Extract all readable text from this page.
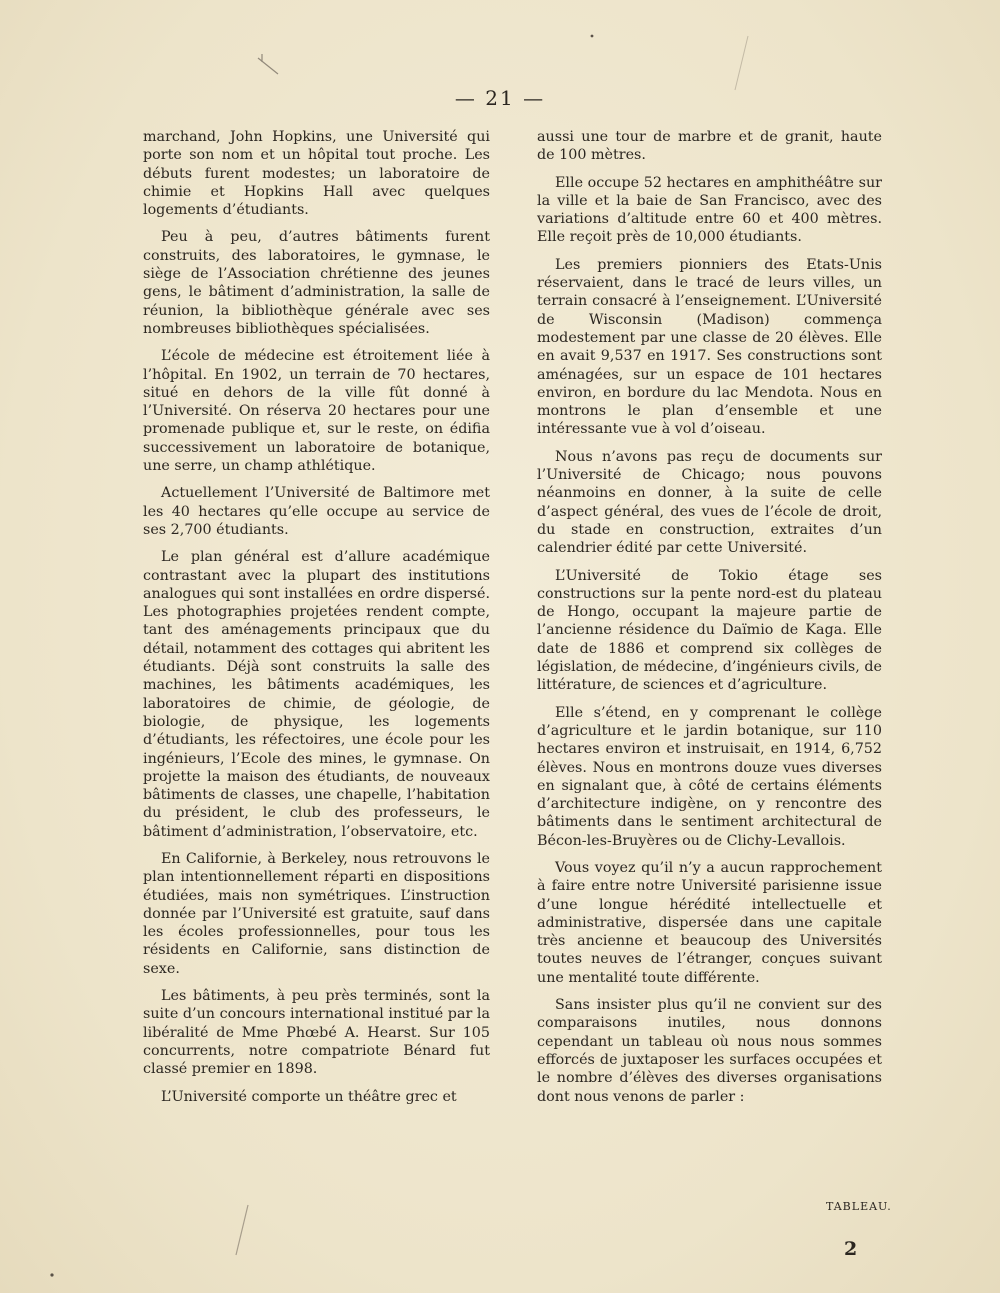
— 21 —

marchand, John Hopkins, une Université qui porte son nom et un hôpital tout proche. Les débuts furent modestes; un laboratoire de chimie et Hopkins Hall avec quelques logements d’étudiants.

Peu à peu, d’autres bâtiments furent construits, des laboratoires, le gymnase, le siège de l’Association chrétienne des jeunes gens, le bâtiment d’administration, la salle de réunion, la bibliothèque générale avec ses nombreuses bibliothèques spécialisées.

L’école de médecine est étroitement liée à l’hôpital. En 1902, un terrain de 70 hectares, situé en dehors de la ville fût donné à l’Université. On réserva 20 hectares pour une promenade publique et, sur le reste, on édifia successivement un laboratoire de botanique, une serre, un champ athlétique.

Actuellement l’Université de Baltimore met les 40 hectares qu’elle occupe au service de ses 2,700 étudiants.

Le plan général est d’allure académique contrastant avec la plupart des institutions analogues qui sont installées en ordre dispersé. Les photographies projetées rendent compte, tant des aménagements principaux que du détail, notamment des cottages qui abritent les étudiants. Déjà sont construits la salle des machines, les bâtiments académiques, les laboratoires de chimie, de géologie, de biologie, de physique, les logements d’étudiants, les réfectoires, une école pour les ingénieurs, l’Ecole des mines, le gymnase. On projette la maison des étudiants, de nouveaux bâtiments de classes, une chapelle, l’habitation du président, le club des professeurs, le bâtiment d’administration, l’observatoire, etc.

En Californie, à Berkeley, nous retrouvons le plan intentionnellement réparti en dispositions étudiées, mais non symétriques. L’instruction donnée par l’Université est gratuite, sauf dans les écoles professionnelles, pour tous les résidents en Californie, sans distinction de sexe.

Les bâtiments, à peu près terminés, sont la suite d’un concours international institué par la libéralité de Mme Phœbé A. Hearst. Sur 105 concurrents, notre compatriote Bénard fut classé premier en 1898.

L’Université comporte un théâtre grec et

aussi une tour de marbre et de granit, haute de 100 mètres.

Elle occupe 52 hectares en amphithéâtre sur la ville et la baie de San Francisco, avec des variations d’altitude entre 60 et 400 mètres. Elle reçoit près de 10,000 étudiants.

Les premiers pionniers des Etats-Unis réservaient, dans le tracé de leurs villes, un terrain consacré à l’enseignement. L’Université de Wisconsin (Madison) commença modestement par une classe de 20 élèves. Elle en avait 9,537 en 1917. Ses constructions sont aménagées, sur un espace de 101 hectares environ, en bordure du lac Mendota. Nous en montrons le plan d’ensemble et une intéressante vue à vol d’oiseau.

Nous n’avons pas reçu de documents sur l’Université de Chicago; nous pouvons néanmoins en donner, à la suite de celle d’aspect général, des vues de l’école de droit, du stade en construction, extraites d’un calendrier édité par cette Université.

L’Université de Tokio étage ses constructions sur la pente nord-est du plateau de Hongo, occupant la majeure partie de l’ancienne résidence du Daïmio de Kaga. Elle date de 1886 et comprend six collèges de législation, de médecine, d’ingénieurs civils, de littérature, de sciences et d’agriculture.

Elle s’étend, en y comprenant le collège d’agriculture et le jardin botanique, sur 110 hectares environ et instruisait, en 1914, 6,752 élèves. Nous en montrons douze vues diverses en signalant que, à côté de certains éléments d’architecture indigène, on y rencontre des bâtiments dans le sentiment architectural de Bécon-les-Bruyères ou de Clichy-Levallois.

Vous voyez qu’il n’y a aucun rapprochement à faire entre notre Université parisienne issue d’une longue hérédité intellectuelle et administrative, dispersée dans une capitale très ancienne et beaucoup des Universités toutes neuves de l’étranger, conçues suivant une mentalité toute différente.

Sans insister plus qu’il ne convient sur des comparaisons inutiles, nous donnons cependant un tableau où nous nous sommes efforcés de juxtaposer les surfaces occupées et le nombre d’élèves des diverses organisations dont nous venons de parler :

TABLEAU.
2
